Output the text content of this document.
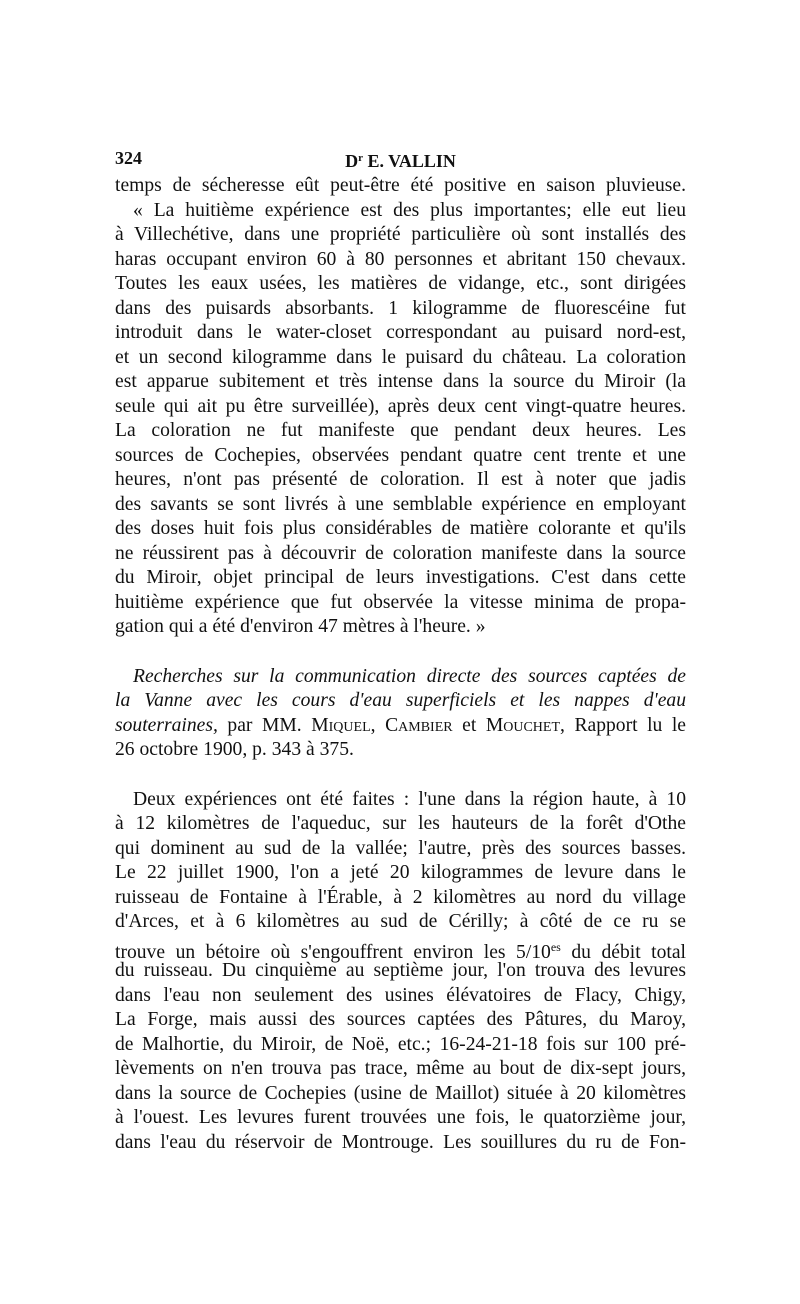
324	$D^r$ E. VALLIN
temps de sécheresse eût peut-être été positive en saison pluvieuse.
« La huitième expérience est des plus importantes; elle eut lieu
à Villechétive, dans une propriété particulière où sont installés des
haras occupant environ 60 à 80 personnes et abritant 150 chevaux.
Toutes les eaux usées, les matières de vidange, etc., sont dirigées
dans des puisards absorbants. 1 kilogramme de fluorescéine fut
introduit dans le water-closet correspondant au puisard nord-est,
et un second kilogramme dans le puisard du château. La coloration
est apparue subitement et très intense dans la source du Miroir (la
seule qui ait pu être surveillée), après deux cent vingt-quatre heures.
La coloration ne fut manifeste que pendant deux heures. Les
sources de Cochepies, observées pendant quatre cent trente et une
heures, n'ont pas présenté de coloration. Il est à noter que jadis
des savants se sont livrés à une semblable expérience en employant
des doses huit fois plus considérables de matière colorante et qu'ils
ne réussirent pas à découvrir de coloration manifeste dans la source
du Miroir, objet principal de leurs investigations. C'est dans cette
huitième expérience que fut observée la vitesse minima de propa-
gation qui a été d'environ 47 mètres à l'heure. »
Recherches sur la communication directe des sources captées de
la Vanne avec les cours d'eau superficiels et les nappes d'eau
souterraines, par MM. Miquel, Cambier et Mouchet, Rapport lu le
26 octobre 1900, p. 343 à 375.
Deux expériences ont été faites : l'une dans la région haute, à 10
à 12 kilomètres de l'aqueduc, sur les hauteurs de la forêt d'Othe
qui dominent au sud de la vallée; l'autre, près des sources basses.
Le 22 juillet 1900, l'on a jeté 20 kilogrammes de levure dans le
ruisseau de Fontaine à l'Érable, à 2 kilomètres au nord du village
d'Arces, et à 6 kilomètres au sud de Cérilly; à côté de ce ru se
trouve un bétoire où s'engouffrent environ les $5/10^{es}$ du débit total
du ruisseau. Du cinquième au septième jour, l'on trouva des levures
dans l'eau non seulement des usines élévatoires de Flacy, Chigy,
La Forge, mais aussi des sources captées des Pâtures, du Maroy,
de Malhortie, du Miroir, de Noë, etc.; 16-24-21-18 fois sur 100 pré-
lèvements on n'en trouva pas trace, même au bout de dix-sept jours,
dans la source de Cochepies (usine de Maillot) située à 20 kilomètres
à l'ouest. Les levures furent trouvées une fois, le quatorzième jour,
dans l'eau du réservoir de Montrouge. Les souillures du ru de Fon-
